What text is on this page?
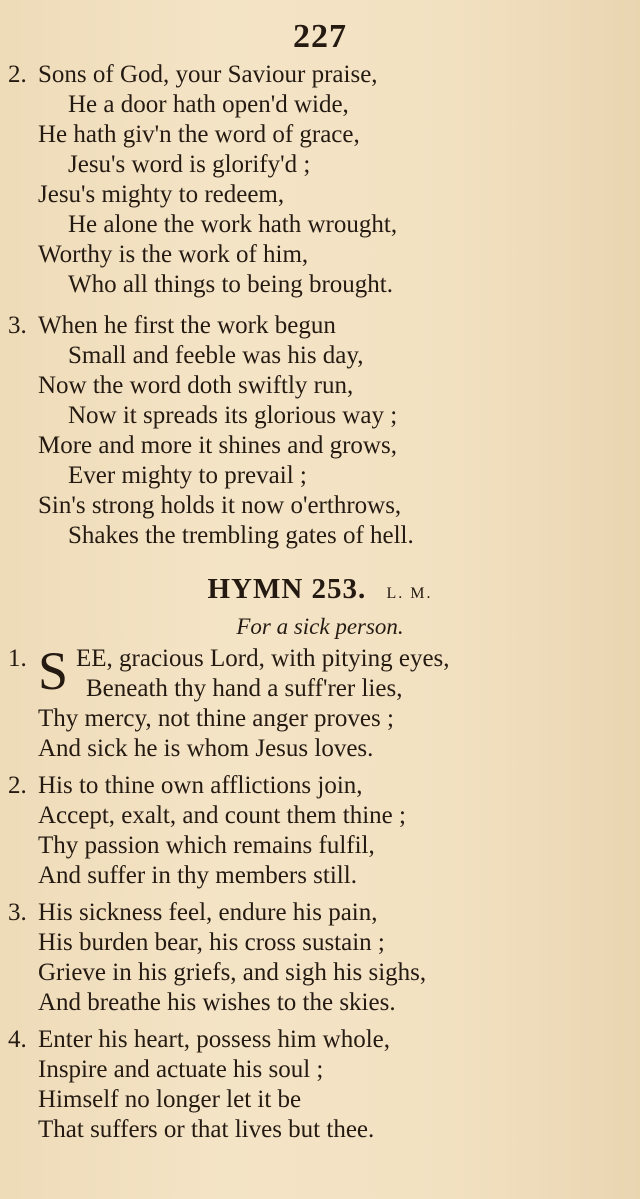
227
2. Sons of God, your Saviour praise,
He a door hath open'd wide,
He hath giv'n the word of grace,
Jesu's word is glorify'd ;
Jesu's mighty to redeem,
He alone the work hath wrought,
Worthy is the work of him,
Who all things to being brought.
3. When he first the work begun
Small and feeble was his day,
Now the word doth swiftly run,
Now it spreads its glorious way ;
More and more it shines and grows,
Ever mighty to prevail ;
Sin's strong holds it now o'erthrows,
Shakes the trembling gates of hell.
HYMN 253. L. M.
For a sick person.
1. S EE, gracious Lord, with pitying eyes,
Beneath thy hand a suff'rer lies,
Thy mercy, not thine anger proves ;
And sick he is whom Jesus loves.
2. His to thine own afflictions join,
Accept, exalt, and count them thine ;
Thy passion which remains fulfil,
And suffer in thy members still.
3. His sickness feel, endure his pain,
His burden bear, his cross sustain ;
Grieve in his griefs, and sigh his sighs,
And breathe his wishes to the skies.
4. Enter his heart, possess him whole,
Inspire and actuate his soul ;
Himself no longer let it be
That suffers or that lives but thee.
